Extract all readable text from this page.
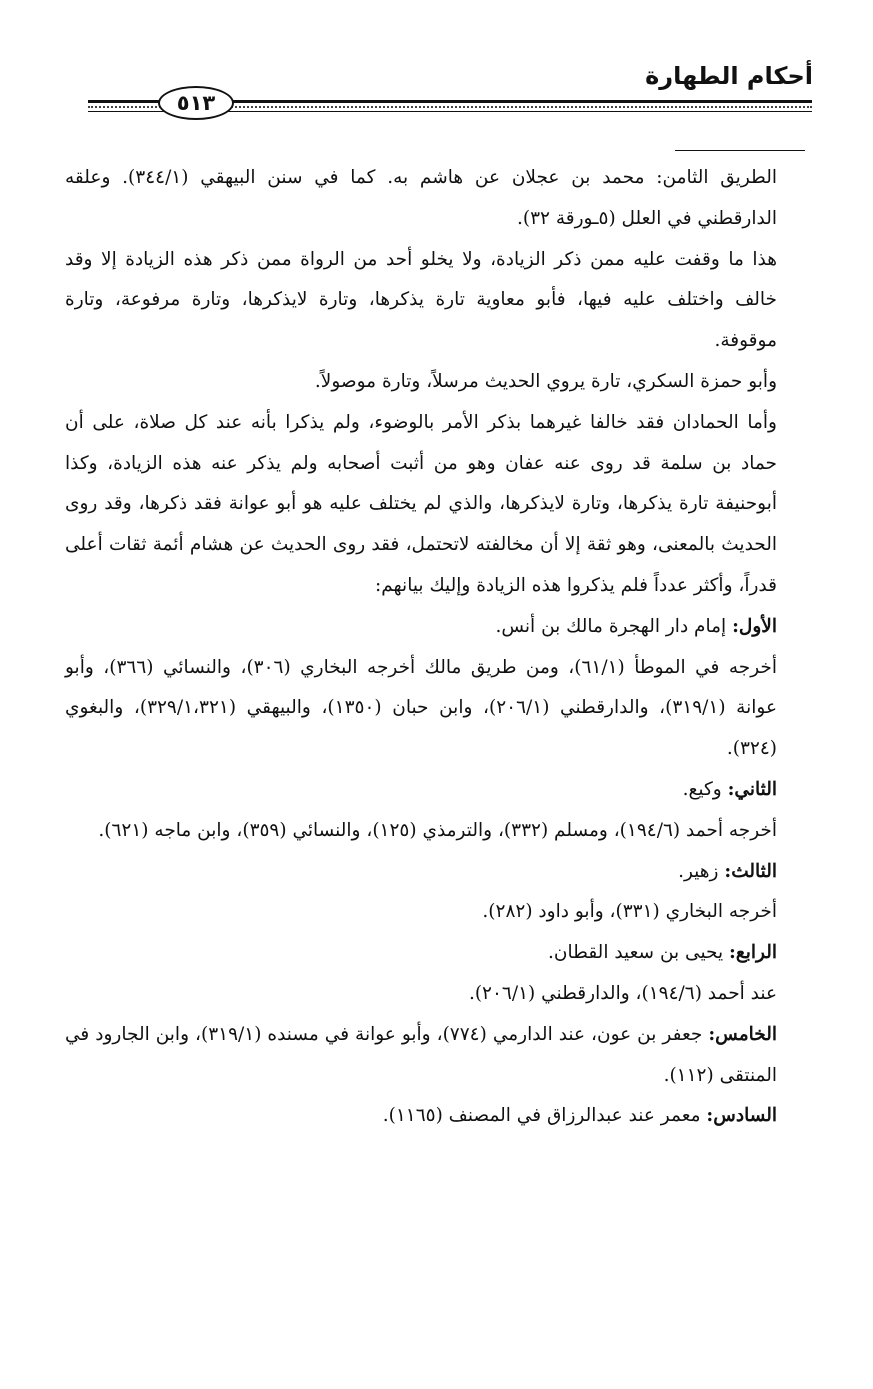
أحكام الطهارة
٥١٣

الطريق الثامن: محمد بن عجلان عن هاشم به. كما في سنن البيهقي (٣٤٤/١). وعلقه الدارقطني في العلل (٥ـورقة ٣٢).

هذا ما وقفت عليه ممن ذكر الزيادة، ولا يخلو أحد من الرواة ممن ذكر هذه الزيادة إلا وقد خالف واختلف عليه فيها، فأبو معاوية تارة يذكرها، وتارة لايذكرها، وتارة مرفوعة، وتارة موقوفة.

وأبو حمزة السكري، تارة يروي الحديث مرسلاً، وتارة موصولاً.

وأما الحمادان فقد خالفا غيرهما بذكر الأمر بالوضوء، ولم يذكرا بأنه عند كل صلاة، على أن حماد بن سلمة قد روى عنه عفان وهو من أثبت أصحابه ولم يذكر عنه هذه الزيادة، وكذا أبوحنيفة تارة يذكرها، وتارة لايذكرها، والذي لم يختلف عليه هو أبو عوانة فقد ذكرها، وقد روى الحديث بالمعنى، وهو ثقة إلا أن مخالفته لاتحتمل، فقد روى الحديث عن هشام أئمة ثقات أعلى قدراً، وأكثر عدداً فلم يذكروا هذه الزيادة وإليك بيانهم:

الأول: إمام دار الهجرة مالك بن أنس.

أخرجه في الموطأ (٦١/١)، ومن طريق مالك أخرجه البخاري (٣٠٦)، والنسائي (٣٦٦)، وأبو عوانة (٣١٩/١)، والدارقطني (٢٠٦/١)، وابن حبان (١٣٥٠)، والبيهقي (٣٢٩/١،٣٢١)، والبغوي (٣٢٤).

الثاني: وكيع.

أخرجه أحمد (١٩٤/٦)، ومسلم (٣٣٢)، والترمذي (١٢٥)، والنسائي (٣٥٩)، وابن ماجه (٦٢١).

الثالث: زهير.

أخرجه البخاري (٣٣١)، وأبو داود (٢٨٢).

الرابع: يحيى بن سعيد القطان.

عند أحمد (١٩٤/٦)، والدارقطني (٢٠٦/١).

الخامس: جعفر بن عون، عند الدارمي (٧٧٤)، وأبو عوانة في مسنده (٣١٩/١)، وابن الجارود في المنتقى (١١٢).

السادس: معمر عند عبدالرزاق في المصنف (١١٦٥).
